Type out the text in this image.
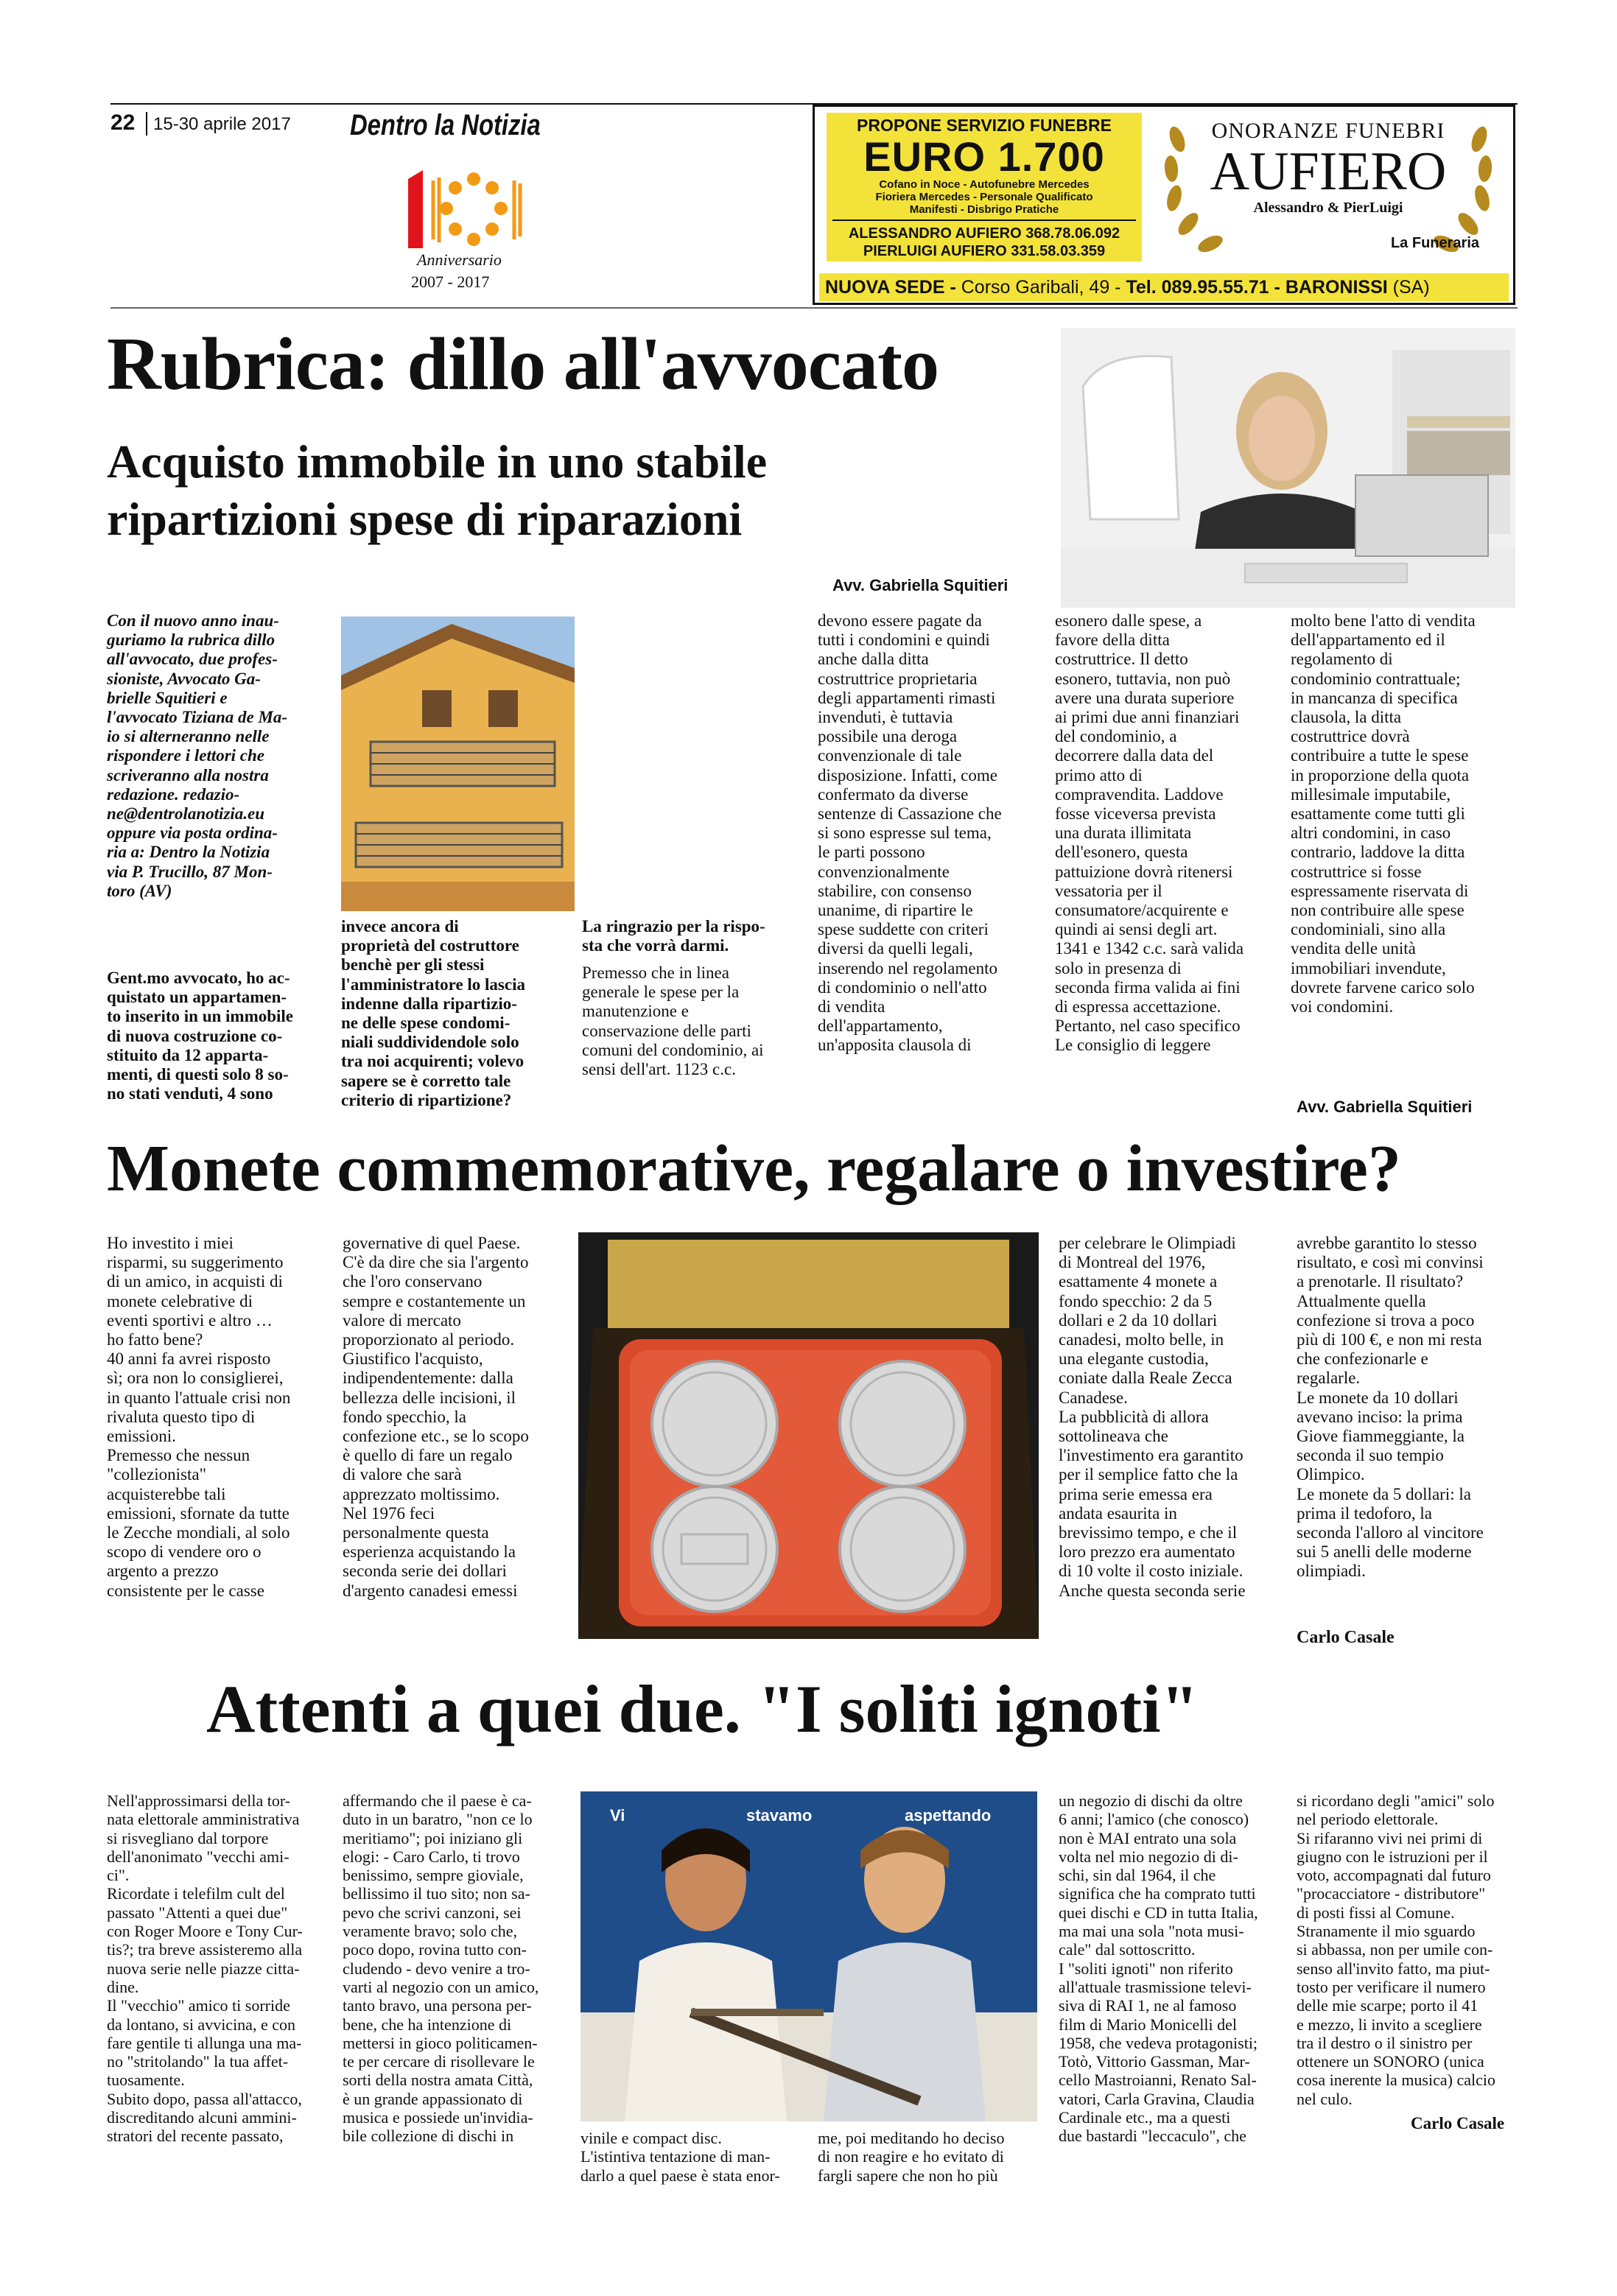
22 15-30 aprile 2017 Dentro la Notizia
Anniversario
2007 - 2017
PROPONE SERVIZIO FUNEBRE
EURO 1.700
Cofano in Noce - Autofunebre Mercedes
Fioriera Mercedes - Personale Qualificato
Manifesti - Disbrigo Pratiche
ALESSANDRO AUFIERO 368.78.06.092
PIERLUIGI AUFIERO 331.58.03.359
ONORANZE FUNEBRI
AUFIERO
Alessandro & PierLuigi
La Funeraria
NUOVA SEDE - Corso Garibali, 49 - Tel. 089.95.55.71 - BARONISSI (SA)
Rubrica: dillo all'avvocato
Acquisto immobile in uno stabile
ripartizioni spese di riparazioni
Avv. Gabriella Squitieri
Con il nuovo anno inau-
guriamo la rubrica dillo
all'avvocato, due profes-
sioniste, Avvocato Ga-
brielle Squitieri e
l'avvocato Tiziana de Ma-
io si alterneranno nelle
rispondere i lettori che
scriveranno alla nostra
redazione. redazio-
ne@dentrolanotizia.eu
oppure via posta ordina-
ria a: Dentro la Notizia
via P. Trucillo, 87 Mon-
toro (AV)
Gent.mo avvocato, ho ac-
quistato un appartamen-
to inserito in un immobile
di nuova costruzione co-
stituito da 12 apparta-
menti, di questi solo 8 so-
no stati venduti, 4 sono
invece ancora di
proprietà del costruttore
benchè per gli stessi
l'amministratore lo lascia
indenne dalla ripartizio-
ne delle spese condomi-
niali suddividendole solo
tra noi acquirenti; volevo
sapere se è corretto tale
criterio di ripartizione?
La ringrazio per la rispo-
sta che vorrà darmi.
Premesso che in linea
generale le spese per la
manutenzione e
conservazione delle parti
comuni del condominio, ai
sensi dell'art. 1123 c.c.
devono essere pagate da
tutti i condomini e quindi
anche dalla ditta
costruttrice proprietaria
degli appartamenti rimasti
invenduti, è tuttavia
possibile una deroga
convenzionale di tale
disposizione. Infatti, come
confermato da diverse
sentenze di Cassazione che
si sono espresse sul tema,
le parti possono
convenzionalmente
stabilire, con consenso
unanime, di ripartire le
spese suddette con criteri
diversi da quelli legali,
inserendo nel regolamento
di condominio o nell'atto
di vendita
dell'appartamento,
un'apposita clausola di
esonero dalle spese, a
favore della ditta
costruttrice. Il detto
esonero, tuttavia, non può
avere una durata superiore
ai primi due anni finanziari
del condominio, a
decorrere dalla data del
primo atto di
compravendita. Laddove
fosse viceversa prevista
una durata illimitata
dell'esonero, questa
pattuizione dovrà ritenersi
vessatoria per il
consumatore/acquirente e
quindi ai sensi degli art.
1341 e 1342 c.c. sarà valida
solo in presenza di
seconda firma valida ai fini
di espressa accettazione.
Pertanto, nel caso specifico
Le consiglio di leggere
molto bene l'atto di vendita
dell'appartamento ed il
regolamento di
condominio contrattuale;
in mancanza di specifica
clausola, la ditta
costruttrice dovrà
contribuire a tutte le spese
in proporzione della quota
millesimale imputabile,
esattamente come tutti gli
altri condomini, in caso
contrario, laddove la ditta
costruttrice si fosse
espressamente riservata di
non contribuire alle spese
condominiali, sino alla
vendita delle unità
immobiliari invendute,
dovrete farvene carico solo
voi condomini.
Avv. Gabriella Squitieri
Monete commemorative, regalare o investire?
Ho investito i miei
risparmi, su suggerimento
di un amico, in acquisti di
monete celebrative di
eventi sportivi e altro …
ho fatto bene?
40 anni fa avrei risposto
sì; ora non lo consiglierei,
in quanto l'attuale crisi non
rivaluta questo tipo di
emissioni.
Premesso che nessun
"collezionista"
acquisterebbe tali
emissioni, sfornate da tutte
le Zecche mondiali, al solo
scopo di vendere oro o
argento a prezzo
consistente per le casse
governative di quel Paese.
C'è da dire che sia l'argento
che l'oro conservano
sempre e costantemente un
valore di mercato
proporzionato al periodo.
Giustifico l'acquisto,
indipendentemente: dalla
bellezza delle incisioni, il
fondo specchio, la
confezione etc., se lo scopo
è quello di fare un regalo
di valore che sarà
apprezzato moltissimo.
Nel 1976 feci
personalmente questa
esperienza acquistando la
seconda serie dei dollari
d'argento canadesi emessi
per celebrare le Olimpiadi
di Montreal del 1976,
esattamente 4 monete a
fondo specchio: 2 da 5
dollari e 2 da 10 dollari
canadesi, molto belle, in
una elegante custodia,
coniate dalla Reale Zecca
Canadese.
La pubblicità di allora
sottolineava che
l'investimento era garantito
per il semplice fatto che la
prima serie emessa era
andata esaurita in
brevissimo tempo, e che il
loro prezzo era aumentato
di 10 volte il costo iniziale.
Anche questa seconda serie
avrebbe garantito lo stesso
risultato, e così mi convinsi
a prenotarle. Il risultato?
Attualmente quella
confezione si trova a poco
più di 100 €, e non mi resta
che confezionarle e
regalarle.
Le monete da 10 dollari
avevano inciso: la prima
Giove fiammeggiante, la
seconda il suo tempio
Olimpico.
Le monete da 5 dollari: la
prima il tedoforo, la
seconda l'alloro al vincitore
sui 5 anelli delle moderne
olimpiadi.
Carlo Casale
Attenti a quei due. "I soliti ignoti"
Nell'approssimarsi della tor-
nata elettorale amministrativa
si risvegliano dal torpore
dell'anonimato "vecchi ami-
ci".
Ricordate i telefilm cult del
passato "Attenti a quei due"
con Roger Moore e Tony Cur-
tis?; tra breve assisteremo alla
nuova serie nelle piazze citta-
dine.
Il "vecchio" amico ti sorride
da lontano, si avvicina, e con
fare gentile ti allunga una ma-
no "stritolando" la tua affet-
tuosamente.
Subito dopo, passa all'attacco,
discreditando alcuni ammini-
stratori del recente passato,
affermando che il paese è ca-
duto in un baratro, "non ce lo
meritiamo"; poi iniziano gli
elogi: - Caro Carlo, ti trovo
benissimo, sempre gioviale,
bellissimo il tuo sito; non sa-
pevo che scrivi canzoni, sei
veramente bravo; solo che,
poco dopo, rovina tutto con-
cludendo - devo venire a tro-
varti al negozio con un amico,
tanto bravo, una persona per-
bene, che ha intenzione di
mettersi in gioco politicamen-
te per cercare di risollevare le
sorti della nostra amata Città,
è un grande appassionato di
musica e possiede un'invidia-
bile collezione di dischi in
Vi	stavamo	aspettando
vinile e compact disc.
L'istintiva tentazione di man-
darlo a quel paese è stata enor-
me, poi meditando ho deciso
di non reagire e ho evitato di
fargli sapere che non ho più
un negozio di dischi da oltre
6 anni; l'amico (che conosco)
non è MAI entrato una sola
volta nel mio negozio di di-
schi, sin dal 1964, il che
significa che ha comprato tutti
quei dischi e CD in tutta Italia,
ma mai una sola "nota musi-
cale" dal sottoscritto.
I "soliti ignoti" non riferito
all'attuale trasmissione televi-
siva di RAI 1, ne al famoso
film di Mario Monicelli del
1958, che vedeva protagonisti;
Totò, Vittorio Gassman, Mar-
cello Mastroianni, Renato Sal-
vatori, Carla Gravina, Claudia
Cardinale etc., ma a questi
due bastardi "leccaculo", che
si ricordano degli "amici" solo
nel periodo elettorale.
Si rifaranno vivi nei primi di
giugno con le istruzioni per il
voto, accompagnati dal futuro
"procacciatore - distributore"
di posti fissi al Comune.
Stranamente il mio sguardo
si abbassa, non per umile con-
senso all'invito fatto, ma piut-
tosto per verificare il numero
delle mie scarpe; porto il 41
e mezzo, li invito a scegliere
tra il destro o il sinistro per
ottenere un SONORO (unica
cosa inerente la musica) calcio
nel culo.
Carlo Casale
